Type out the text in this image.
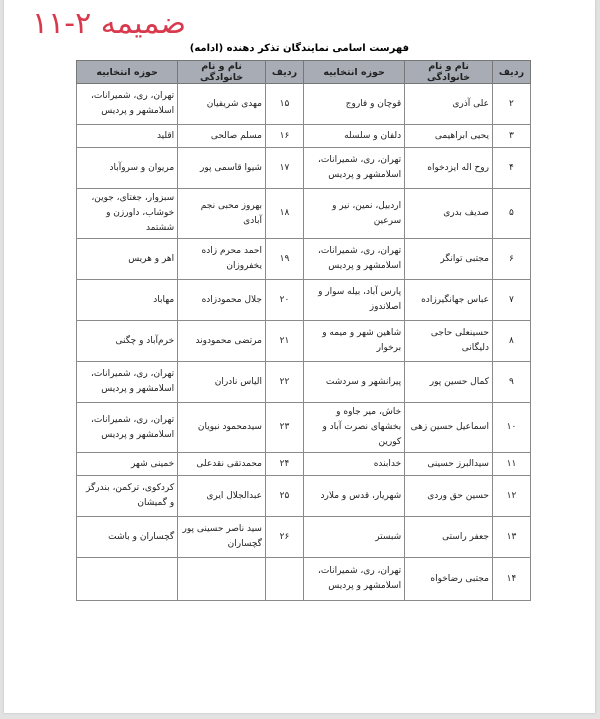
ضمیمه ۲-۱۱
فهرست اسامی نمایندگان تذکر دهنده (ادامه)
ردیف	نام و نام خانوادگی	حوزه انتخابیه	ردیف	نام و نام خانوادگی	حوزه انتخابیه
۲	علی آذری	قوچان و فاروج	۱۵	مهدی شریفیان	تهران، ری، شمیرانات، اسلامشهر و پردیس
۳	یحیی ابراهیمی	دلفان و سلسله	۱۶	مسلم صالحی	اقلید
۴	روح اله ایزدخواه	تهران، ری، شمیرانات، اسلامشهر و پردیس	۱۷	شیوا قاسمی پور	مریوان و سروآباد
۵	صدیف بدری	اردبیل، نمین، نیر و سرعین	۱۸	بهروز محبی نجم آبادی	سبزوار، جغتای، جوین، خوشاب، داورزن و ششتمد
۶	مجتبی توانگر	تهران، ری، شمیرانات، اسلامشهر و پردیس	۱۹	احمد محرم زاده یخفروزان	اهر و هریس
۷	عباس جهانگیرزاده	پارس آباد، بیله سوار و اصلاندوز	۲۰	جلال محمودزاده	مهاباد
۸	حسینعلی حاجی دلیگانی	شاهین شهر و میمه و برخوار	۲۱	مرتضی محمودوند	خرم‌آباد و چگنی
۹	کمال حسین پور	پیرانشهر و سردشت	۲۲	الیاس نادران	تهران، ری، شمیرانات، اسلامشهر و پردیس
۱۰	اسماعیل حسین زهی	خاش، میر جاوه و بخشهای نصرت آباد و کورین	۲۳	سیدمحمود نبویان	تهران، ری، شمیرانات، اسلامشهر و پردیس
۱۱	سیدالبرز حسینی	خدابنده	۲۴	محمدتقی نقدعلی	خمینی شهر
۱۲	حسین حق وردی	شهریار، قدس و ملارد	۲۵	عبدالجلال ایری	کردکوی، ترکمن، بندرگز و گمیشان
۱۳	جعفر راستی	شبستر	۲۶	سید ناصر حسینی پور گچساران	گچساران و باشت
۱۴	مجتبی رضاخواه	تهران، ری، شمیرانات، اسلامشهر و پردیس			
